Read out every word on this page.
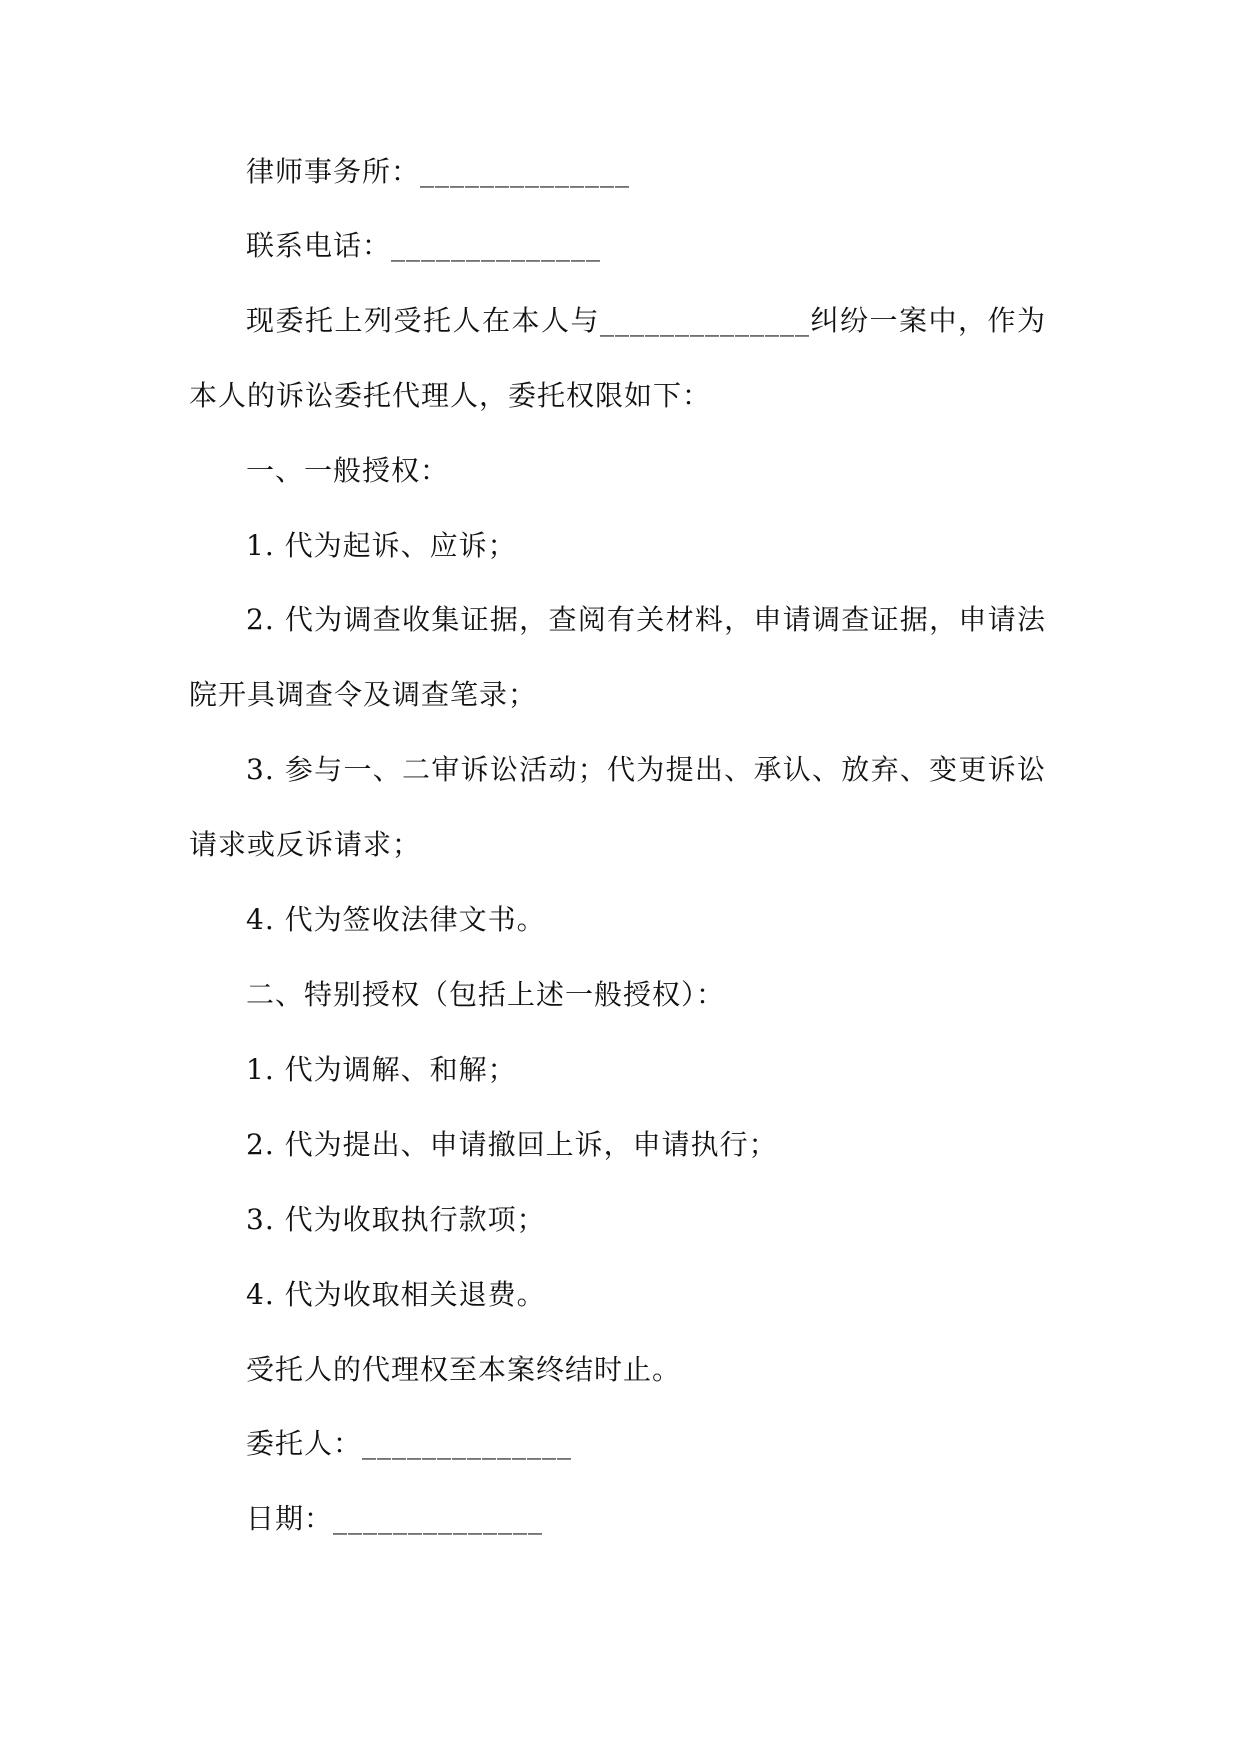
律师事务所：______________
联系电话：______________
现委托上列受托人在本人与______________纠纷一案中，作为
本人的诉讼委托代理人，委托权限如下：
一、一般授权：
1. 代为起诉、应诉；
2. 代为调查收集证据，查阅有关材料，申请调查证据，申请法
院开具调查令及调查笔录；
3. 参与一、二审诉讼活动；代为提出、承认、放弃、变更诉讼
请求或反诉请求；
4. 代为签收法律文书。
二、特别授权（包括上述一般授权）：
1. 代为调解、和解；
2. 代为提出、申请撤回上诉，申请执行；
3. 代为收取执行款项；
4. 代为收取相关退费。
受托人的代理权至本案终结时止。
委托人：______________
日期：______________
